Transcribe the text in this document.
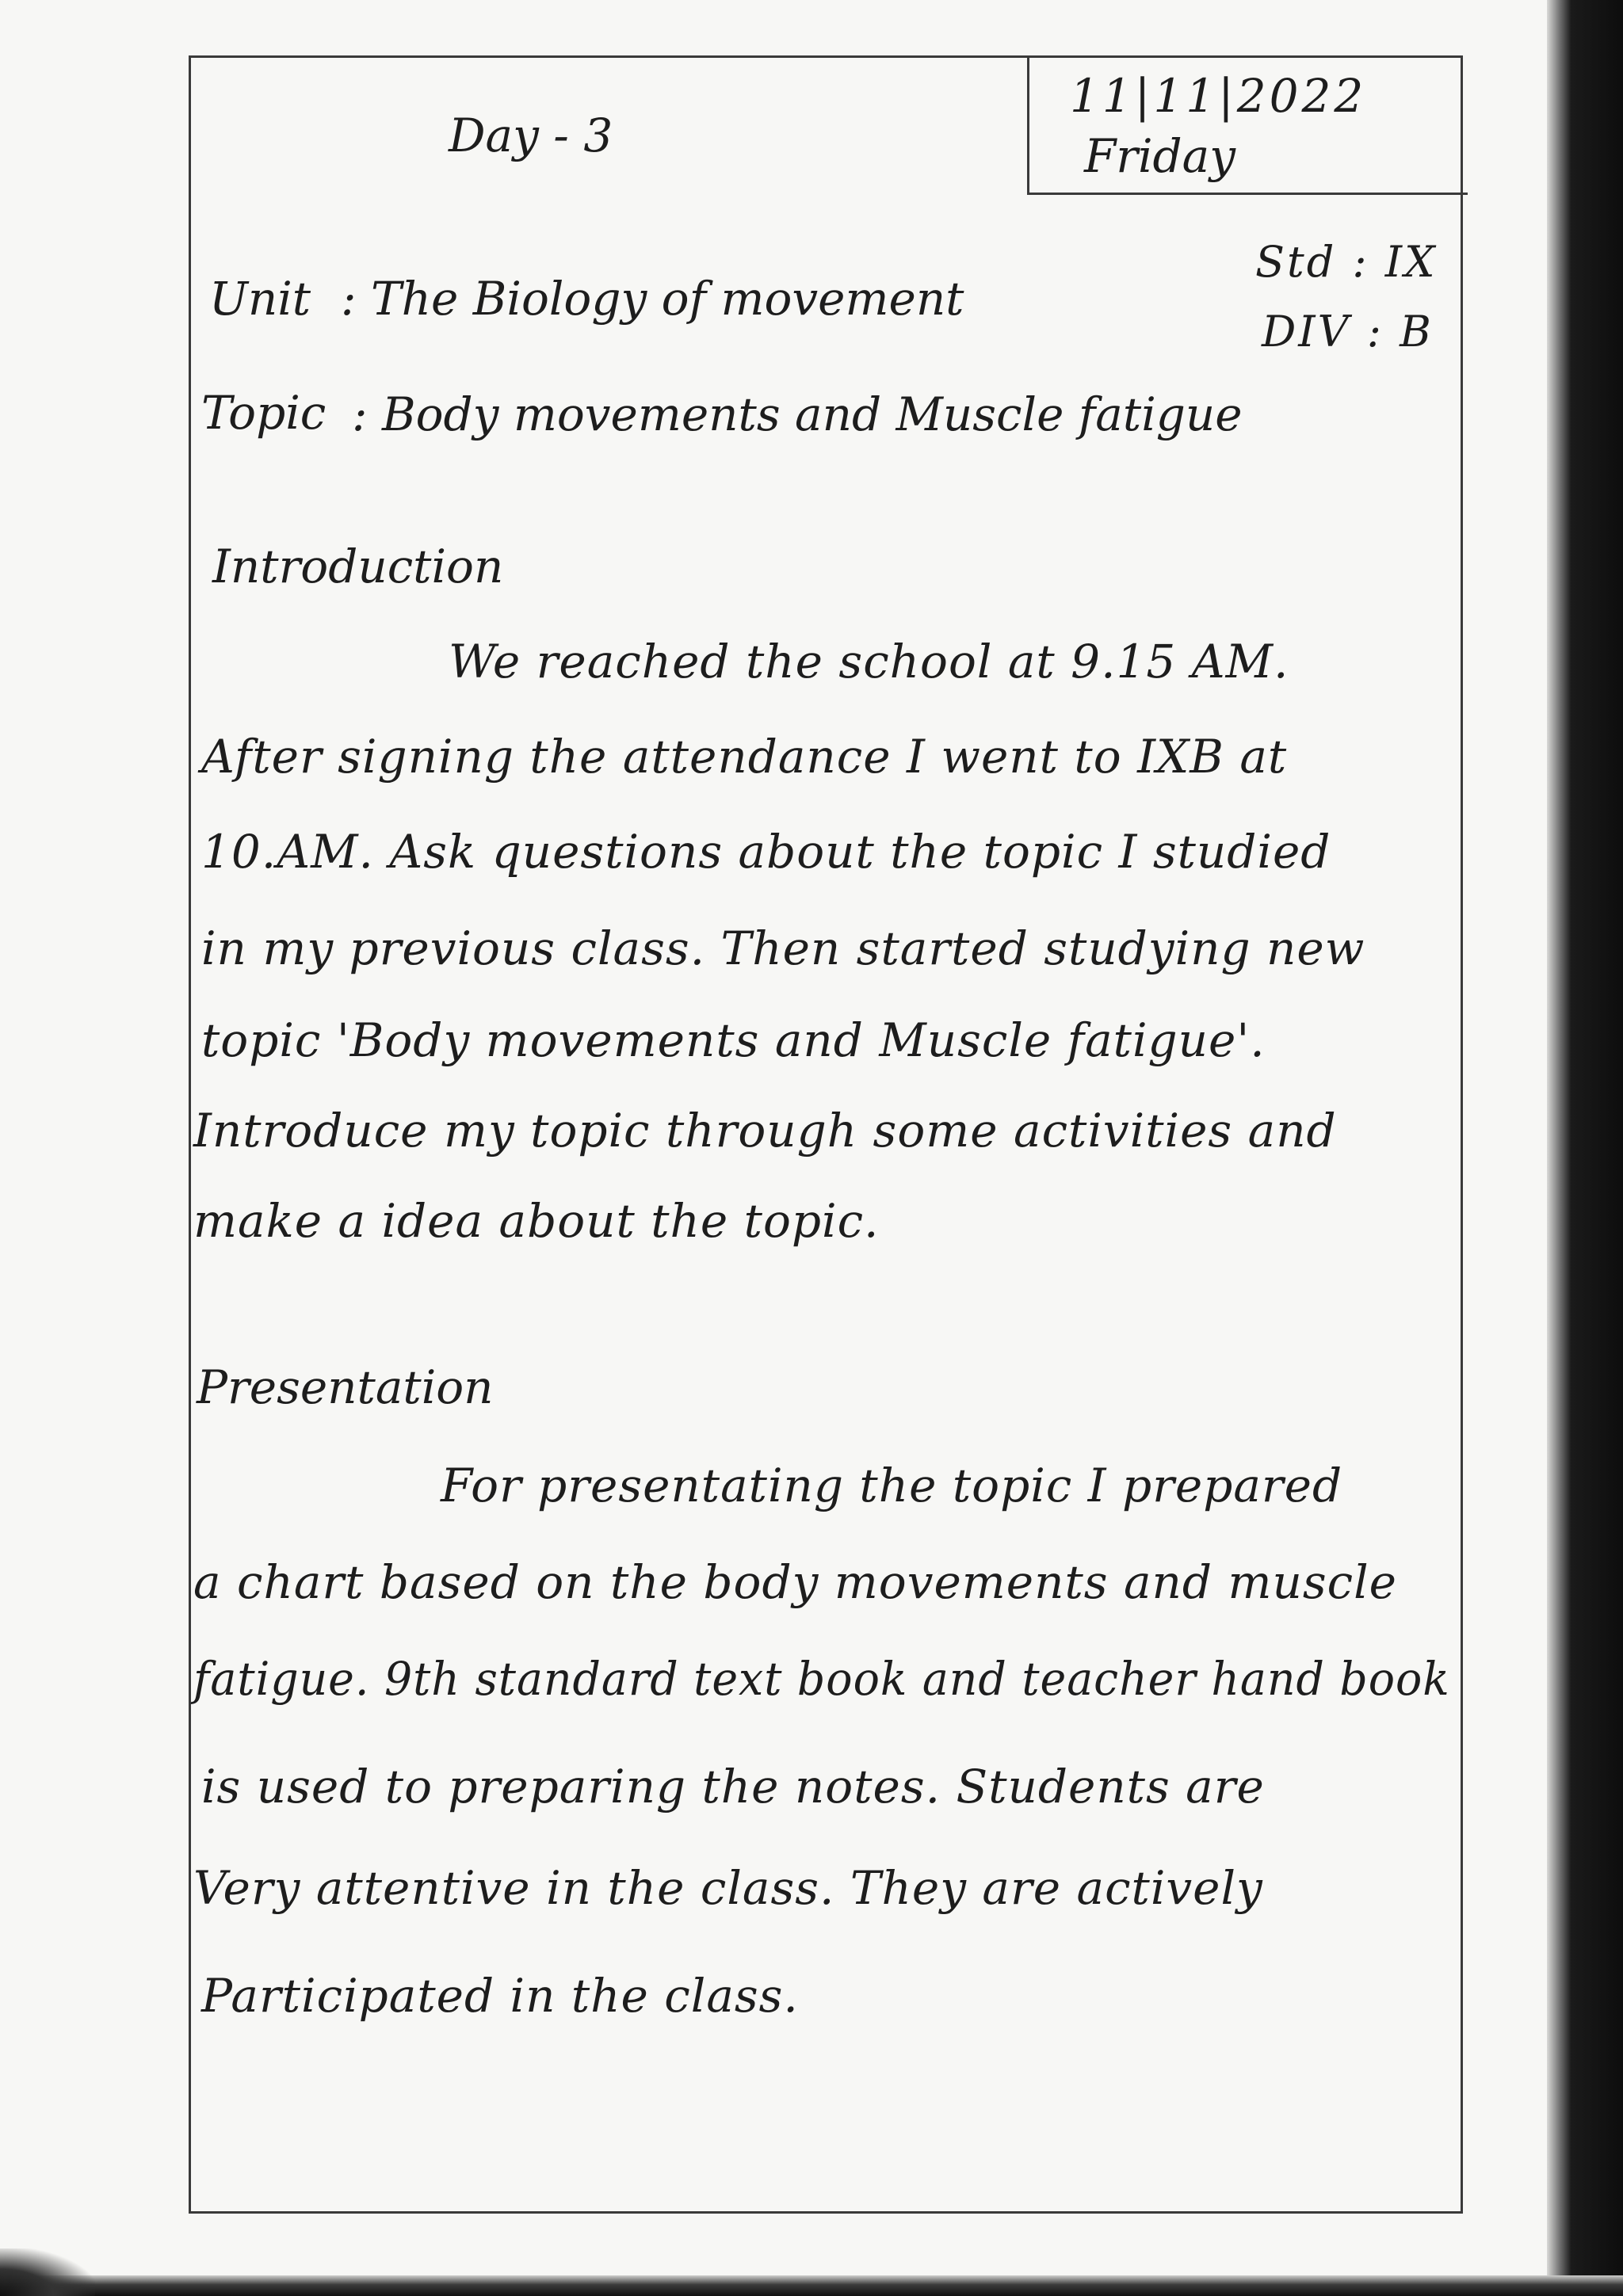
Day - 3
11|11|2022
Friday
Std : IX
DIV : B
Unit : The Biology of movement
Topic : Body movements and Muscle fatigue
Introduction
We reached the school at 9.15 AM.
After signing the attendance I went to IXB at
10.AM. Ask questions about the topic I studied
in my previous class. Then started studying new
topic 'Body movements and Muscle fatigue'.
Introduce my topic through some activities and
make a idea about the topic.
Presentation
For presentating the topic I prepared
a chart based on the body movements and muscle
fatigue. 9th standard text book and teacher hand book
is used to preparing the notes. Students are
Very attentive in the class. They are actively
Participated in the class.
